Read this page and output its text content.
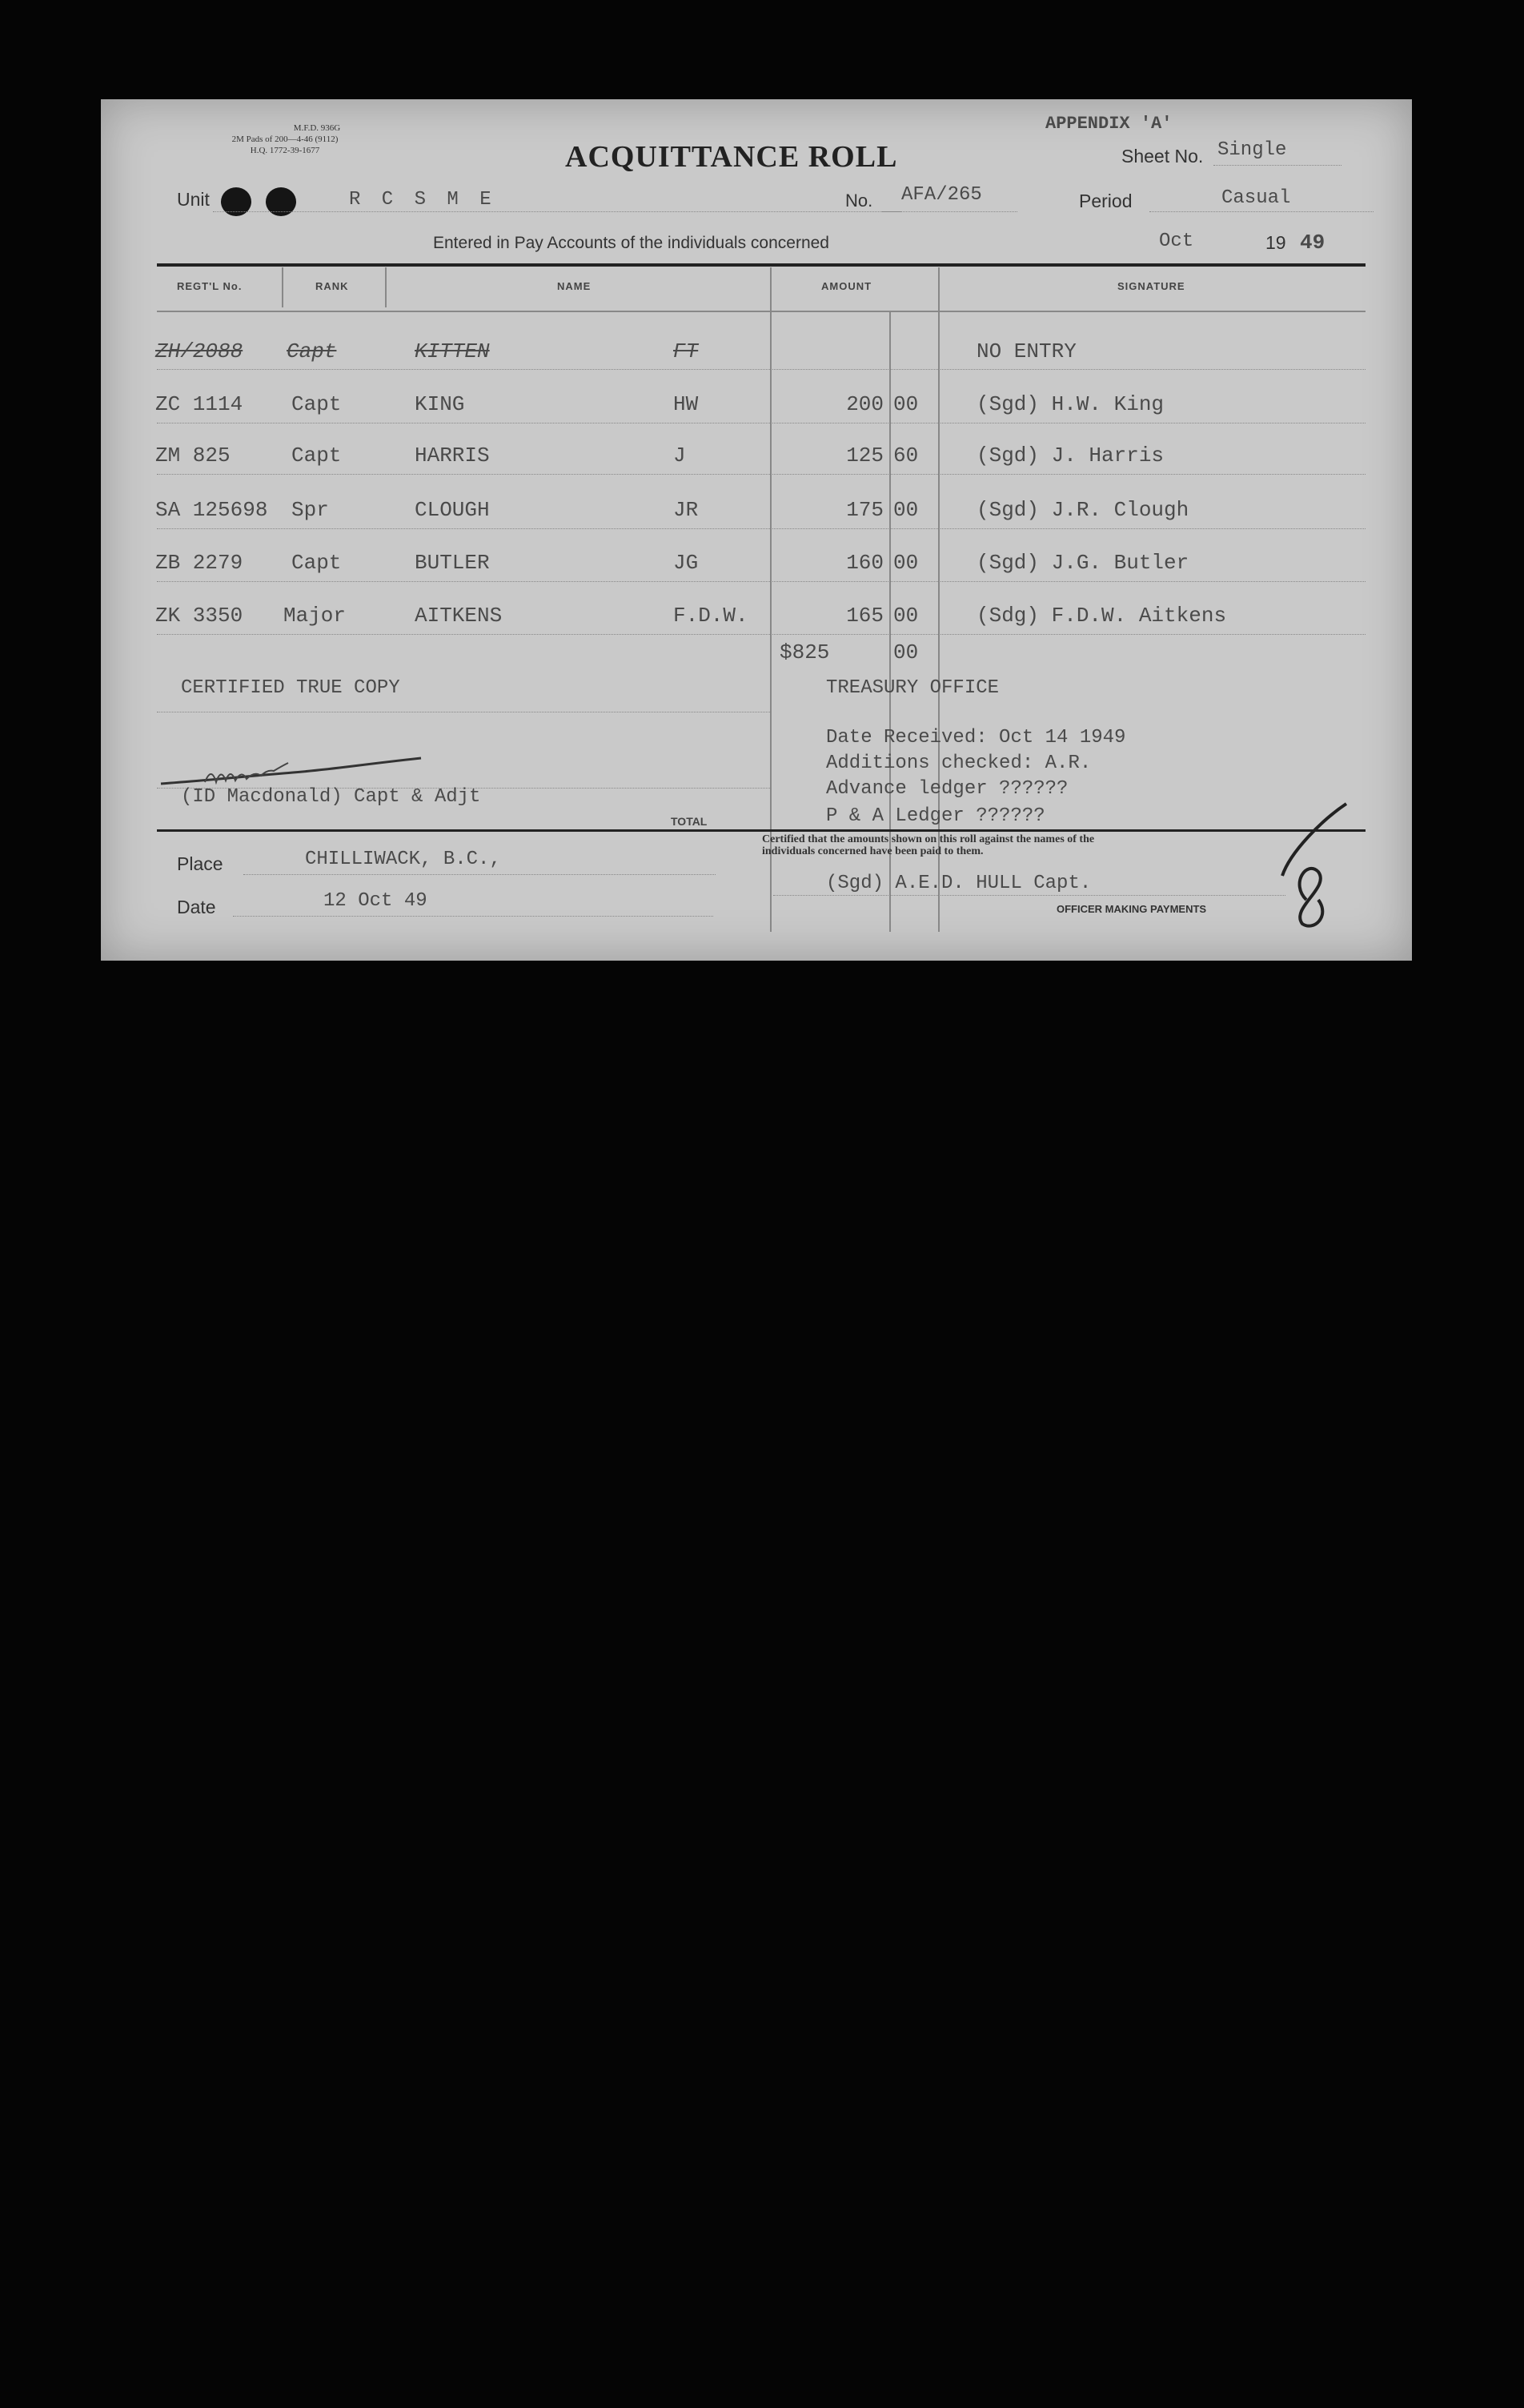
M.F.D. 936G
2M Pads of 200—4-46 (9112)
H.Q. 1772-39-1677
APPENDIX 'A'
ACQUITTANCE ROLL	Sheet No. Single
Unit	R C S M E	No. AFA/265	Period	Casual
Entered in Pay Accounts of the individuals concerned	Oct	19 49
REGT'L No.	RANK	NAME	AMOUNT	SIGNATURE
ZH/2088 Capt	KITTEN	FT	NO ENTRY
ZC 1114 Capt	KING	HW	200 00	(Sgd) H.W. King
ZM 825	Capt	HARRIS	J	125 60	(Sgd) J. Harris
SA 125698 Spr	CLOUGH	JR	175 00	(Sgd) J.R. Clough
ZB 2279 Capt	BUTLER	JG	160 00	(Sgd) J.G. Butler
ZK 3350 Major	AITKENS	F.D.W.	165 00	(Sdg) F.D.W. Aitkens
$825	00
CERTIFIED TRUE COPY
(ID Macdonald) Capt & Adjt
TOTAL
TREASURY OFFICE
Date Received: Oct 14 1949
Additions checked: A.R.
Advance ledger ??????
P & A Ledger ??????
Place	CHILLIWACK, B.C.,
Date	12 Oct 49
Certified that the amounts shown on this roll against the names of the
individuals concerned have been paid to them.
(Sgd) A.E.D. HULL Capt.
OFFICER MAKING PAYMENTS
